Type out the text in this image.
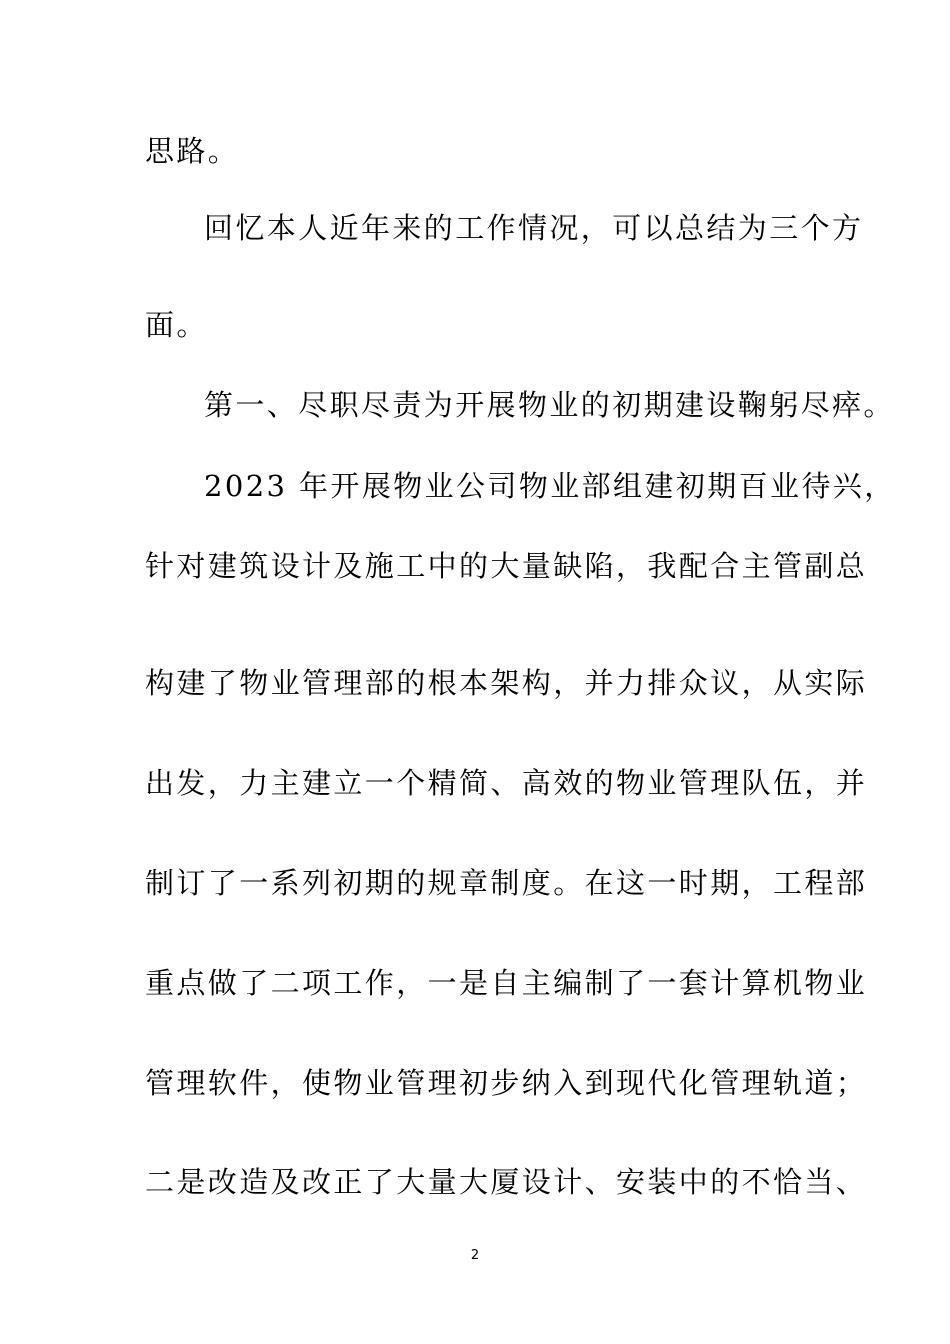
思路。
回忆本人近年来的工作情况，可以总结为三个方
面。
第一、尽职尽责为开展物业的初期建设鞠躬尽瘁。
2023 年开展物业公司物业部组建初期百业待兴，
针对建筑设计及施工中的大量缺陷，我配合主管副总
构建了物业管理部的根本架构，并力排众议，从实际
出发，力主建立一个精简、高效的物业管理队伍，并
制订了一系列初期的规章制度。在这一时期，工程部
重点做了二项工作，一是自主编制了一套计算机物业
管理软件，使物业管理初步纳入到现代化管理轨道；
二是改造及改正了大量大厦设计、安装中的不恰当、
2
